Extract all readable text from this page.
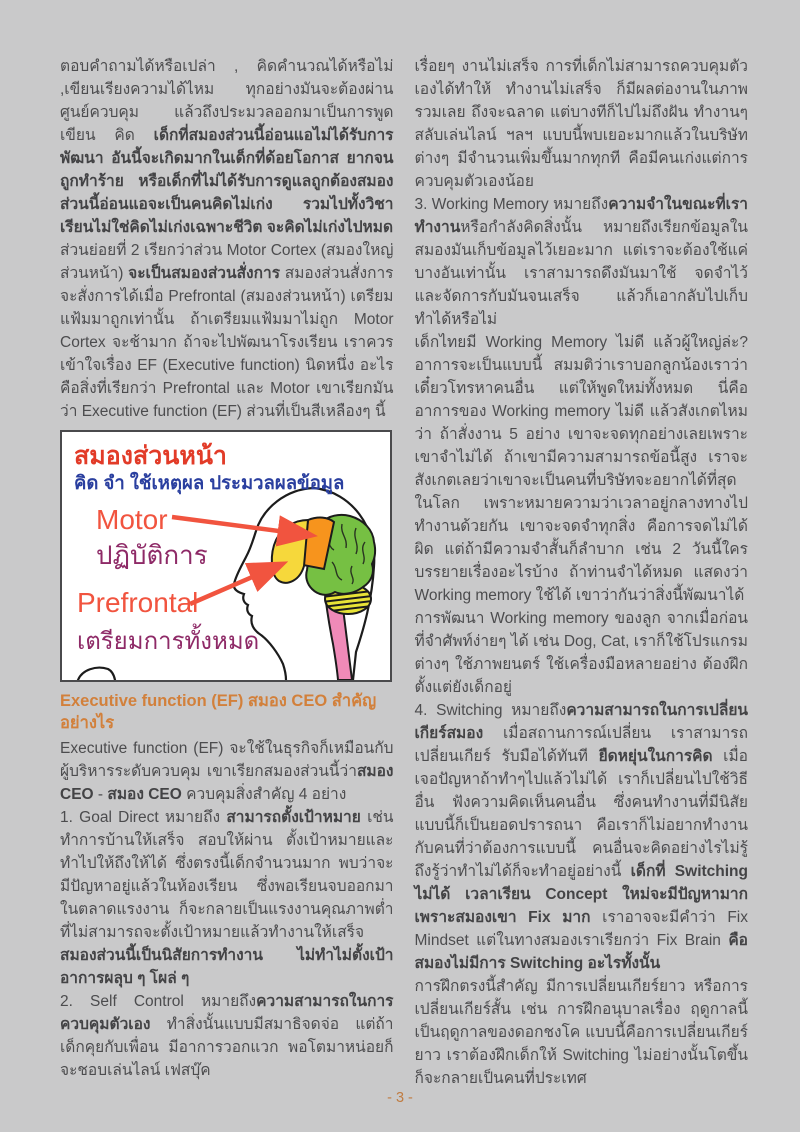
ตอบคำถามได้หรือเปล่า , คิดคำนวณได้หรือไม่ ,เขียนเรียงความได้ไหม ทุกอย่างมันจะต้องผ่านศูนย์ควบคุม แล้วถึงประมวลออกมาเป็นการพูด เขียน คิด เด็กที่สมองส่วนนี้อ่อนแอไม่ได้รับการพัฒนา อันนี้จะเกิดมากในเด็กที่ด้อยโอกาส ยากจน ถูกทำร้าย หรือเด็กที่ไม่ได้รับการดูแลถูกต้องสมองส่วนนี้อ่อนแอจะเป็นคนคิดไม่เก่ง รวมไปทั้งวิชาเรียนไม่ใช่คิดไม่เก่งเฉพาะชีวิต จะคิดไม่เก่งไปหมด

ส่วนย่อยที่ 2 เรียกว่าส่วน Motor Cortex (สมองใหญ่ส่วนหน้า) จะเป็นสมองส่วนสั่งการ สมองส่วนสั่งการจะสั่งการได้เมื่อ Prefrontal (สมองส่วนหน้า) เตรียมแฟ้มมาถูกเท่านั้น ถ้าเตรียมแฟ้มมาไม่ถูก Motor Cortex จะช้ามาก ถ้าจะไปพัฒนาโรงเรียน เราควรเข้าใจเรื่อง EF (Executive function) นิดหนึ่ง อะไรคือสิ่งที่เรียกว่า Prefrontal และ Motor เขาเรียกมันว่า Executive function (EF) ส่วนที่เป็นสีเหลืองๆ นี้

สมองส่วนหน้า
คิด จำ ใช้เหตุผล ประมวลผลข้อมูล
Motor
ปฏิบัติการ
Prefrontal
เตรียมการทั้งหมด
Executive function (EF) สมอง CEO สำคัญอย่างไร

Executive function (EF) จะใช้ในธุรกิจก็เหมือนกับผู้บริหารระดับควบคุม เขาเรียกสมองส่วนนี้ว่าสมอง CEO - สมอง CEO ควบคุมสิ่งสำคัญ 4 อย่าง

1. Goal Direct หมายถึง สามารถตั้งเป้าหมาย เช่นทำการบ้านให้เสร็จ สอบให้ผ่าน ตั้งเป้าหมายและทำไปให้ถึงให้ได้ ซึ่งตรงนี้เด็กจำนวนมาก พบว่าจะมีปัญหาอยู่แล้วในห้องเรียน ซึ่งพอเรียนจบออกมาในตลาดแรงงาน ก็จะกลายเป็นแรงงานคุณภาพต่ำที่ไม่สามารถจะตั้งเป้าหมายแล้วทำงานให้เสร็จ สมองส่วนนี้เป็นนิสัยการทำงาน ไม่ทำไม่ตั้งเป้า อาการผลุบ ๆ โผล่ ๆ

2. Self Control หมายถึงความสามารถในการควบคุมตัวเอง ทำสิ่งนั้นแบบมีสมาธิจดจ่อ แต่ถ้าเด็กคุยกับเพื่อน มีอาการวอกแวก พอโตมาหน่อยก็จะชอบเล่นไลน์ เฟสบุ๊ค

เรื่อยๆ งานไม่เสร็จ การที่เด็กไม่สามารถควบคุมตัวเองได้ทำให้ ทำงานไม่เสร็จ ก็มีผลต่องานในภาพรวมเลย ถึงจะฉลาด แต่บางทีก็ไปไม่ถึงฝัน ทำงานๆ สลับเล่นไลน์ ฯลฯ แบบนี้พบเยอะมากแล้วในบริษัทต่างๆ มีจำนวนเพิ่มขึ้นมากทุกที คือมีคนเก่งแต่การควบคุมตัวเองน้อย

3. Working Memory หมายถึงความจำในขณะที่เราทำงานหรือกำลังคิดสิ่งนั้น หมายถึงเรียกข้อมูลในสมองมันเก็บข้อมูลไว้เยอะมาก แต่เราจะต้องใช้แค่บางอันเท่านั้น เราสามารถดึงมันมาใช้ จดจำไว้ และจัดการกับมันจนเสร็จ แล้วก็เอากลับไปเก็บ ทำได้หรือไม่

เด็กไทยมี Working Memory ไม่ดี แล้วผู้ใหญ่ล่ะ? อาการจะเป็นแบบนี้ สมมติว่าเราบอกลูกน้องเราว่า เดี๋ยวโทรหาคนอื่น แต่ให้พูดใหม่ทั้งหมด นี่คืออาการของ Working memory ไม่ดี แล้วสังเกตไหมว่า ถ้าสั่งงาน 5 อย่าง เขาจะจดทุกอย่างเลยเพราะเขาจำไม่ได้ ถ้าเขามีความสามารถข้อนี้สูง เราจะสังเกตเลยว่าเขาจะเป็นคนที่บริษัทจะอยากได้ที่สุดในโลก เพราะหมายความว่าเวลาอยู่กลางทางไปทำงานด้วยกัน เขาจะจดจำทุกสิ่ง คือการจดไม่ได้ผิด แต่ถ้ามีความจำสั้นก็ลำบาก เช่น 2 วันนี้ใครบรรยายเรื่องอะไรบ้าง ถ้าท่านจำได้หมด แสดงว่า Working memory ใช้ได้ เขาว่ากันว่าสิ่งนี้พัฒนาได้

การพัฒนา Working memory ของลูก จากเมื่อก่อนที่จำศัพท์ง่ายๆ ได้ เช่น Dog, Cat, เราก็ใช้โปรแกรมต่างๆ ใช้ภาพยนตร์ ใช้เครื่องมือหลายอย่าง ต้องฝึกตั้งแต่ยังเด็กอยู่

4. Switching หมายถึงความสามารถในการเปลี่ยนเกียร์สมอง เมื่อสถานการณ์เปลี่ยน เราสามารถเปลี่ยนเกียร์ รับมือได้ทันที ยืดหยุ่นในการคิด เมื่อเจอปัญหาถ้าทำๆไปแล้วไม่ได้ เราก็เปลี่ยนไปใช้วิธีอื่น ฟังความคิดเห็นคนอื่น ซึ่งคนทำงานที่มีนิสัยแบบนี้ก็เป็นยอดปรารถนา คือเราก็ไม่อยากทำงานกับคนที่ว่าต้องการแบบนี้ คนอื่นจะคิดอย่างไรไม่รู้ ถึงรู้ว่าทำไม่ได้ก็จะทำอยู่อย่างนี้ เด็กที่ Switching ไม่ได้ เวลาเรียน Concept ใหม่จะมีปัญหามากเพราะสมองเขา Fix มาก เราอาจจะมีคำว่า Fix Mindset แต่ในทางสมองเราเรียกว่า Fix Brain คือสมองไม่มีการ Switching อะไรทั้งนั้น

การฝึกตรงนี้สำคัญ มีการเปลี่ยนเกียร์ยาว หรือการเปลี่ยนเกียร์สั้น เช่น การฝึกอนุบาลเรื่อง ฤดูกาลนี้เป็นฤดูกาลของดอกชงโค แบบนี้คือการเปลี่ยนเกียร์ยาว เราต้องฝึกเด็กให้ Switching ไม่อย่างนั้นโตขึ้นก็จะกลายเป็นคนที่ประเทศ

- 3 -
